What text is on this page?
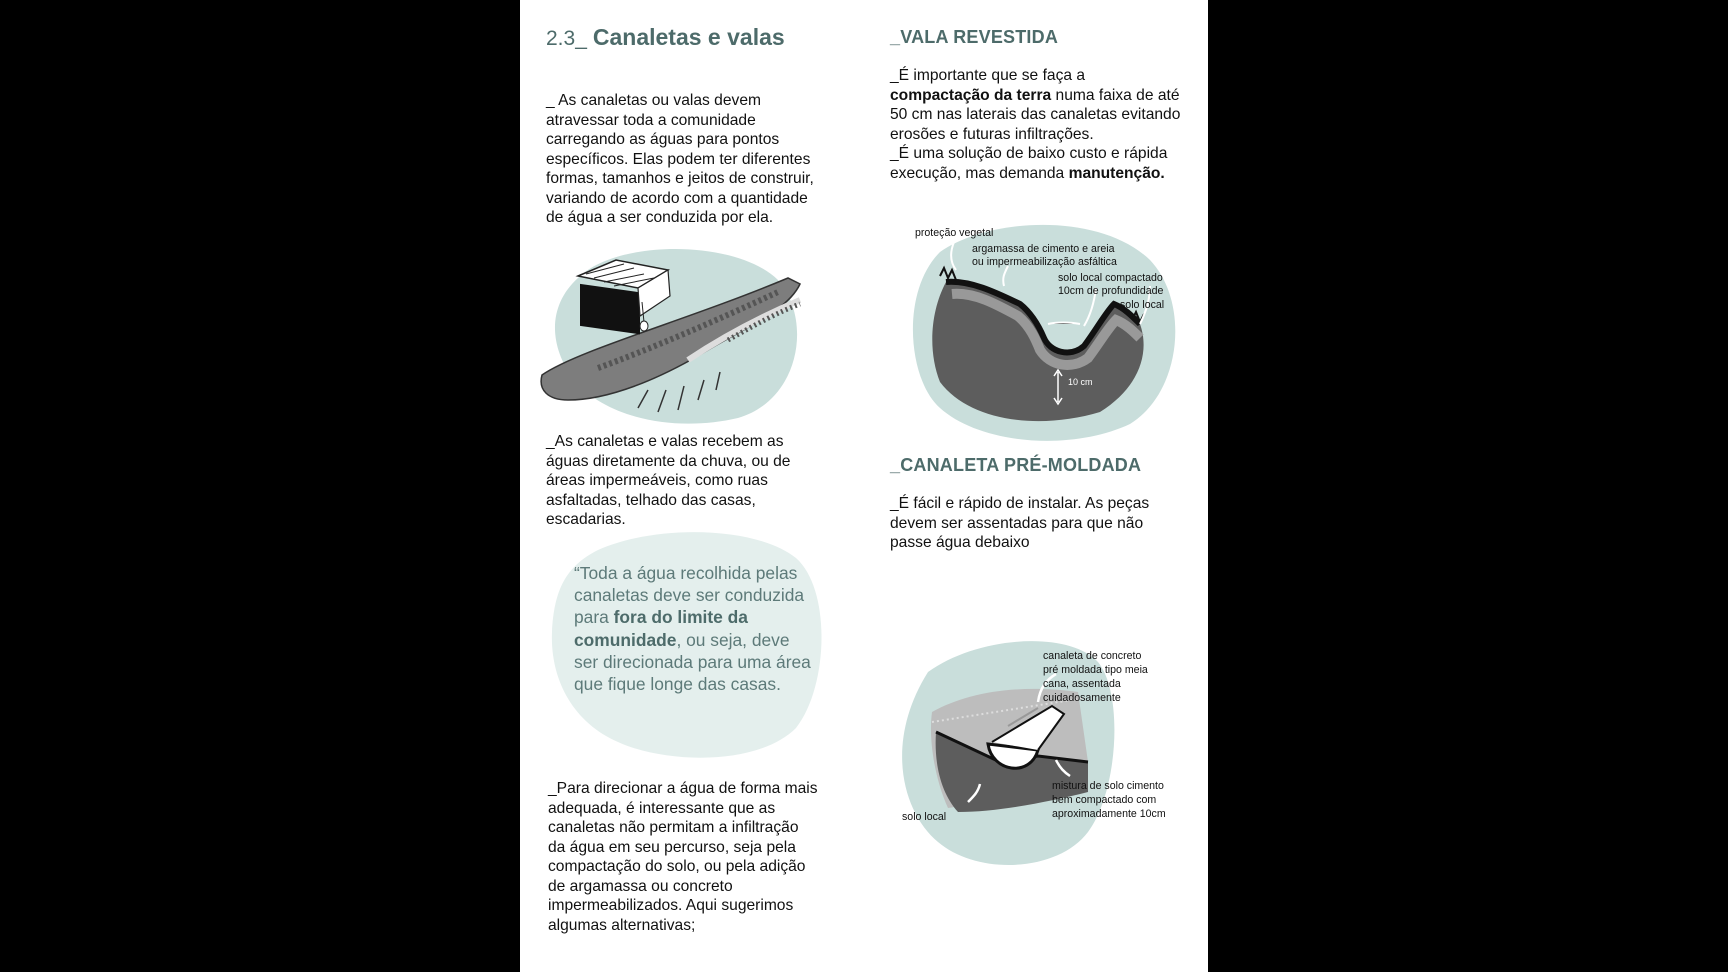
2.3_ Canaletas e valas
_ As canaletas ou valas devem atravessar toda a comunidade carregando as águas para pontos específicos. Elas podem ter diferentes formas, tamanhos e jeitos de construir, variando de acordo com a quantidade de água a ser conduzida por ela.
_As canaletas e valas recebem as águas diretamente da chuva, ou de áreas impermeáveis, como ruas asfaltadas, telhado das casas, escadarias.
“Toda a água recolhida pelas canaletas deve ser conduzida para fora do limite da comunidade, ou seja, deve ser direcionada para uma área que fique longe das casas.
_Para direcionar a água de forma mais adequada, é interessante que as canaletas não permitam a infiltração da água em seu percurso, seja pela compactação do solo, ou pela adição de argamassa ou concreto impermeabilizados. Aqui sugerimos algumas alternativas;
_VALA REVESTIDA
_É importante que se faça a compactação da terra numa faixa de até 50 cm nas laterais das canaletas evitando erosões e futuras infiltrações.
_É uma solução de baixo custo e rápida execução, mas demanda manutenção.
10 cm
proteção vegetal
argamassa de cimento e areia
ou impermeabilização asfáltica
solo local compactado
10cm de profundidade
solo local
_CANALETA PRÉ-MOLDADA
_É fácil e rápido de instalar. As peças devem ser assentadas para que não passe água debaixo
canaleta de concreto
pré moldada tipo meia
cana, assentada
cuidadosamente
mistura de solo cimento
bem compactado com
aproximadamente 10cm
solo local
